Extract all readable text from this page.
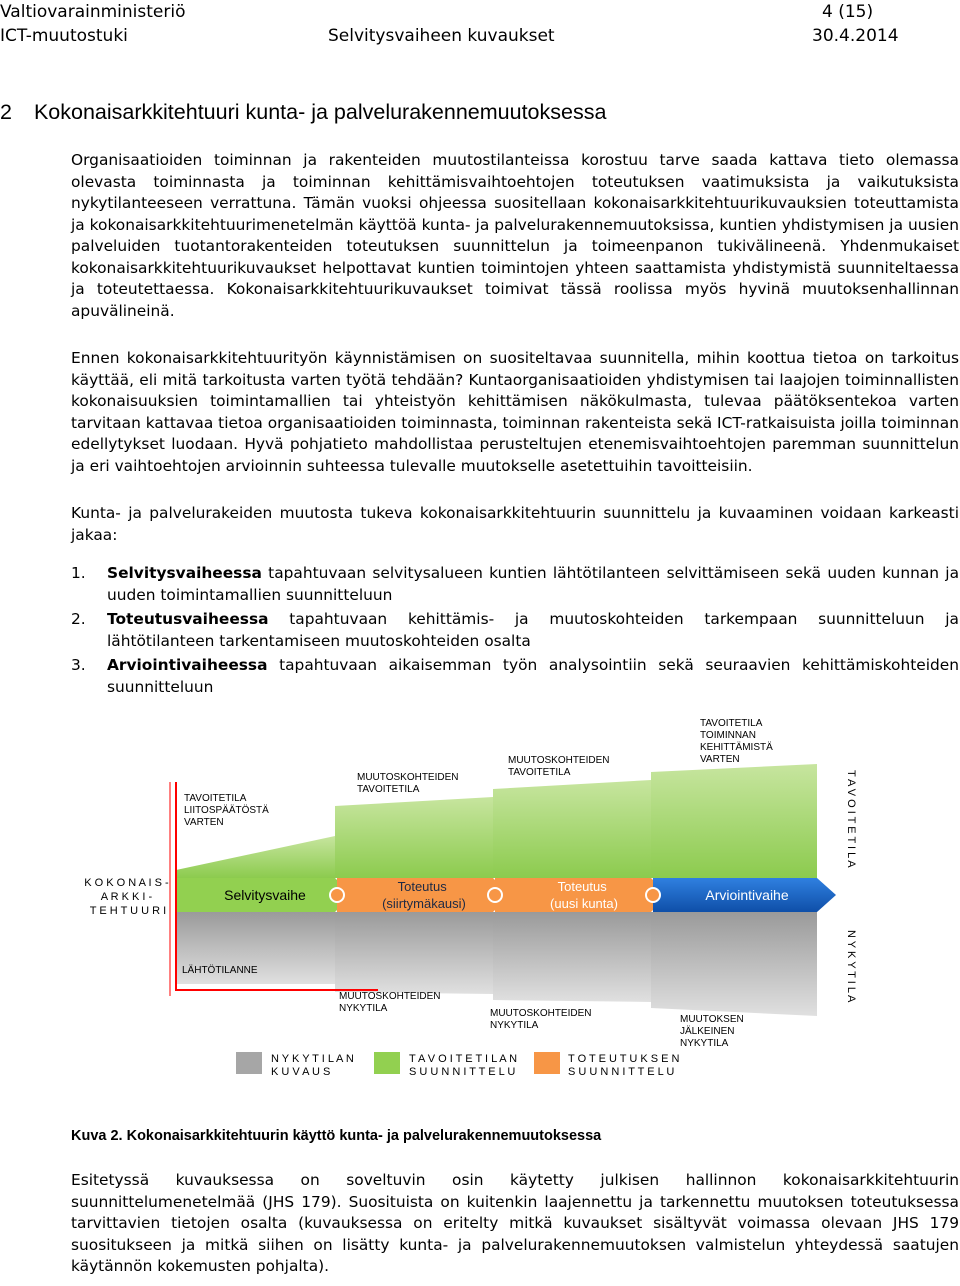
Valtiovarainministeriö	4 (15)
ICT-muutostuki	Selvitysvaiheen kuvaukset	30.4.2014
2 Kokonaisarkkitehtuuri kunta- ja palvelurakennemuutoksessa
Organisaatioiden toiminnan ja rakenteiden muutostilanteissa korostuu tarve saada kattava tieto olemassa olevasta toiminnasta ja toiminnan kehittämisvaihtoehtojen toteutuksen vaatimuksista ja vaikutuksista nykytilanteeseen verrattuna. Tämän vuoksi ohjeessa suositellaan kokonaisarkkitehtuurikuvauksien toteuttamista ja kokonaisarkkitehtuurimenetelmän käyttöä kunta- ja palvelurakennemuutoksissa, kuntien yhdistymisen ja uusien palveluiden tuotantorakenteiden toteutuksen suunnittelun ja toimeenpanon tukivälineenä. Yhdenmukaiset kokonaisarkkitehtuurikuvaukset helpottavat kuntien toimintojen yhteen saattamista yhdistymistä suunniteltaessa ja toteutettaessa. Kokonaisarkkitehtuurikuvaukset toimivat tässä roolissa myös hyvinä muutoksenhallinnan apuvälineinä.
Ennen kokonaisarkkitehtuurityön käynnistämisen on suositeltavaa suunnitella, mihin koottua tietoa on tarkoitus käyttää, eli mitä tarkoitusta varten työtä tehdään? Kuntaorganisaatioiden yhdistymisen tai laajojen toiminnallisten kokonaisuuksien toimintamallien tai yhteistyön kehittämisen näkökulmasta, tulevaa päätöksentekoa varten tarvitaan kattavaa tietoa organisaatioiden toiminnasta, toiminnan rakenteista sekä ICT-ratkaisuista joilla toiminnan edellytykset luodaan. Hyvä pohjatieto mahdollistaa perusteltujen etenemisvaihtoehtojen paremman suunnittelun ja eri vaihtoehtojen arvioinnin suhteessa tulevalle muutokselle asetettuihin tavoitteisiin.
Kunta- ja palvelurakeiden muutosta tukeva kokonaisarkkitehtuurin suunnittelu ja kuvaaminen voidaan karkeasti jakaa:
1. Selvitysvaiheessa tapahtuvaan selvitysalueen kuntien lähtötilanteen selvittämiseen sekä uuden kunnan ja uuden toimintamallien suunnitteluun
2. Toteutusvaiheessa tapahtuvaan kehittämis- ja muutoskohteiden tarkempaan suunnitteluun ja lähtötilanteen tarkentamiseen muutoskohteiden osalta
3. Arviointivaiheessa tapahtuvaan aikaisemman työn analysointiin sekä seuraavien kehittämiskohteiden suunnitteluun
K O K O N A I S - A R K K I - T E H T U U R I
T A V O I T E T I L A
N Y K Y T I L A
TAVOITETILA LIITOSPÄÄTÖSTÄ VARTEN
MUUTOSKOHTEIDEN TAVOITETILA
MUUTOSKOHTEIDEN TAVOITETILA
TAVOITETILA TOIMINNAN KEHITTÄMISTÄ VARTEN
Selvitysvaihe
Toteutus (siirtymäkausi)
Toteutus (uusi kunta)
Arviointivaihe
LÄHTÖTILANNE
MUUTOSKOHTEIDEN NYKYTILA	MUUTOSKOHTEIDEN NYKYTILA
MUUTOKSEN JÄLKEINEN NYKYTILA
N Y K Y T I L A N K U V A U S
T A V O I T E T I L A N S U U N N I T T E L U
T O T E U T U K S E N S U U N N I T T E L U
Kuva 2. Kokonaisarkkitehtuurin käyttö kunta- ja palvelurakennemuutoksessa
Esitetyssä kuvauksessa on soveltuvin osin käytetty julkisen hallinnon kokonaisarkkitehtuurin suunnittelumenetelmää (JHS 179). Suosituista on kuitenkin laajennettu ja tarkennettu muutoksen toteutuksessa tarvittavien tietojen osalta (kuvauksessa on eritelty mitkä kuvaukset sisältyvät voimassa olevaan JHS 179 suositukseen ja mitkä siihen on lisätty kunta- ja palvelurakennemuutoksen valmistelun yhteydessä saatujen käytännön kokemusten pohjalta).
